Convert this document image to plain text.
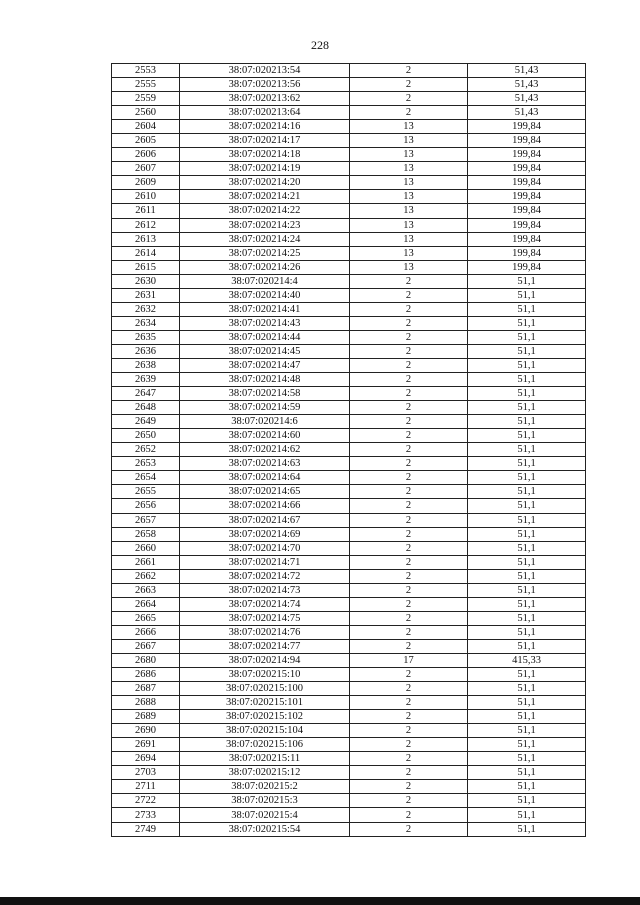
228
2553	38:07:020213:54	2	51,43
2555	38:07:020213:56	2	51,43
2559	38:07:020213:62	2	51,43
2560	38:07:020213:64	2	51,43
2604	38:07:020214:16	13	199,84
2605	38:07:020214:17	13	199,84
2606	38:07:020214:18	13	199,84
2607	38:07:020214:19	13	199,84
2609	38:07:020214:20	13	199,84
2610	38:07:020214:21	13	199,84
2611	38:07:020214:22	13	199,84
2612	38:07:020214:23	13	199,84
2613	38:07:020214:24	13	199,84
2614	38:07:020214:25	13	199,84
2615	38:07:020214:26	13	199,84
2630	38:07:020214:4	2	51,1
2631	38:07:020214:40	2	51,1
2632	38:07:020214:41	2	51,1
2634	38:07:020214:43	2	51,1
2635	38:07:020214:44	2	51,1
2636	38:07:020214:45	2	51,1
2638	38:07:020214:47	2	51,1
2639	38:07:020214:48	2	51,1
2647	38:07:020214:58	2	51,1
2648	38:07:020214:59	2	51,1
2649	38:07:020214:6	2	51,1
2650	38:07:020214:60	2	51,1
2652	38:07:020214:62	2	51,1
2653	38:07:020214:63	2	51,1
2654	38:07:020214:64	2	51,1
2655	38:07:020214:65	2	51,1
2656	38:07:020214:66	2	51,1
2657	38:07:020214:67	2	51,1
2658	38:07:020214:69	2	51,1
2660	38:07:020214:70	2	51,1
2661	38:07:020214:71	2	51,1
2662	38:07:020214:72	2	51,1
2663	38:07:020214:73	2	51,1
2664	38:07:020214:74	2	51,1
2665	38:07:020214:75	2	51,1
2666	38:07:020214:76	2	51,1
2667	38:07:020214:77	2	51,1
2680	38:07:020214:94	17	415,33
2686	38:07:020215:10	2	51,1
2687	38:07:020215:100	2	51,1
2688	38:07:020215:101	2	51,1
2689	38:07:020215:102	2	51,1
2690	38:07:020215:104	2	51,1
2691	38:07:020215:106	2	51,1
2694	38:07:020215:11	2	51,1
2703	38:07:020215:12	2	51,1
2711	38:07:020215:2	2	51,1
2722	38:07:020215:3	2	51,1
2733	38:07:020215:4	2	51,1
2749	38:07:020215:54	2	51,1
